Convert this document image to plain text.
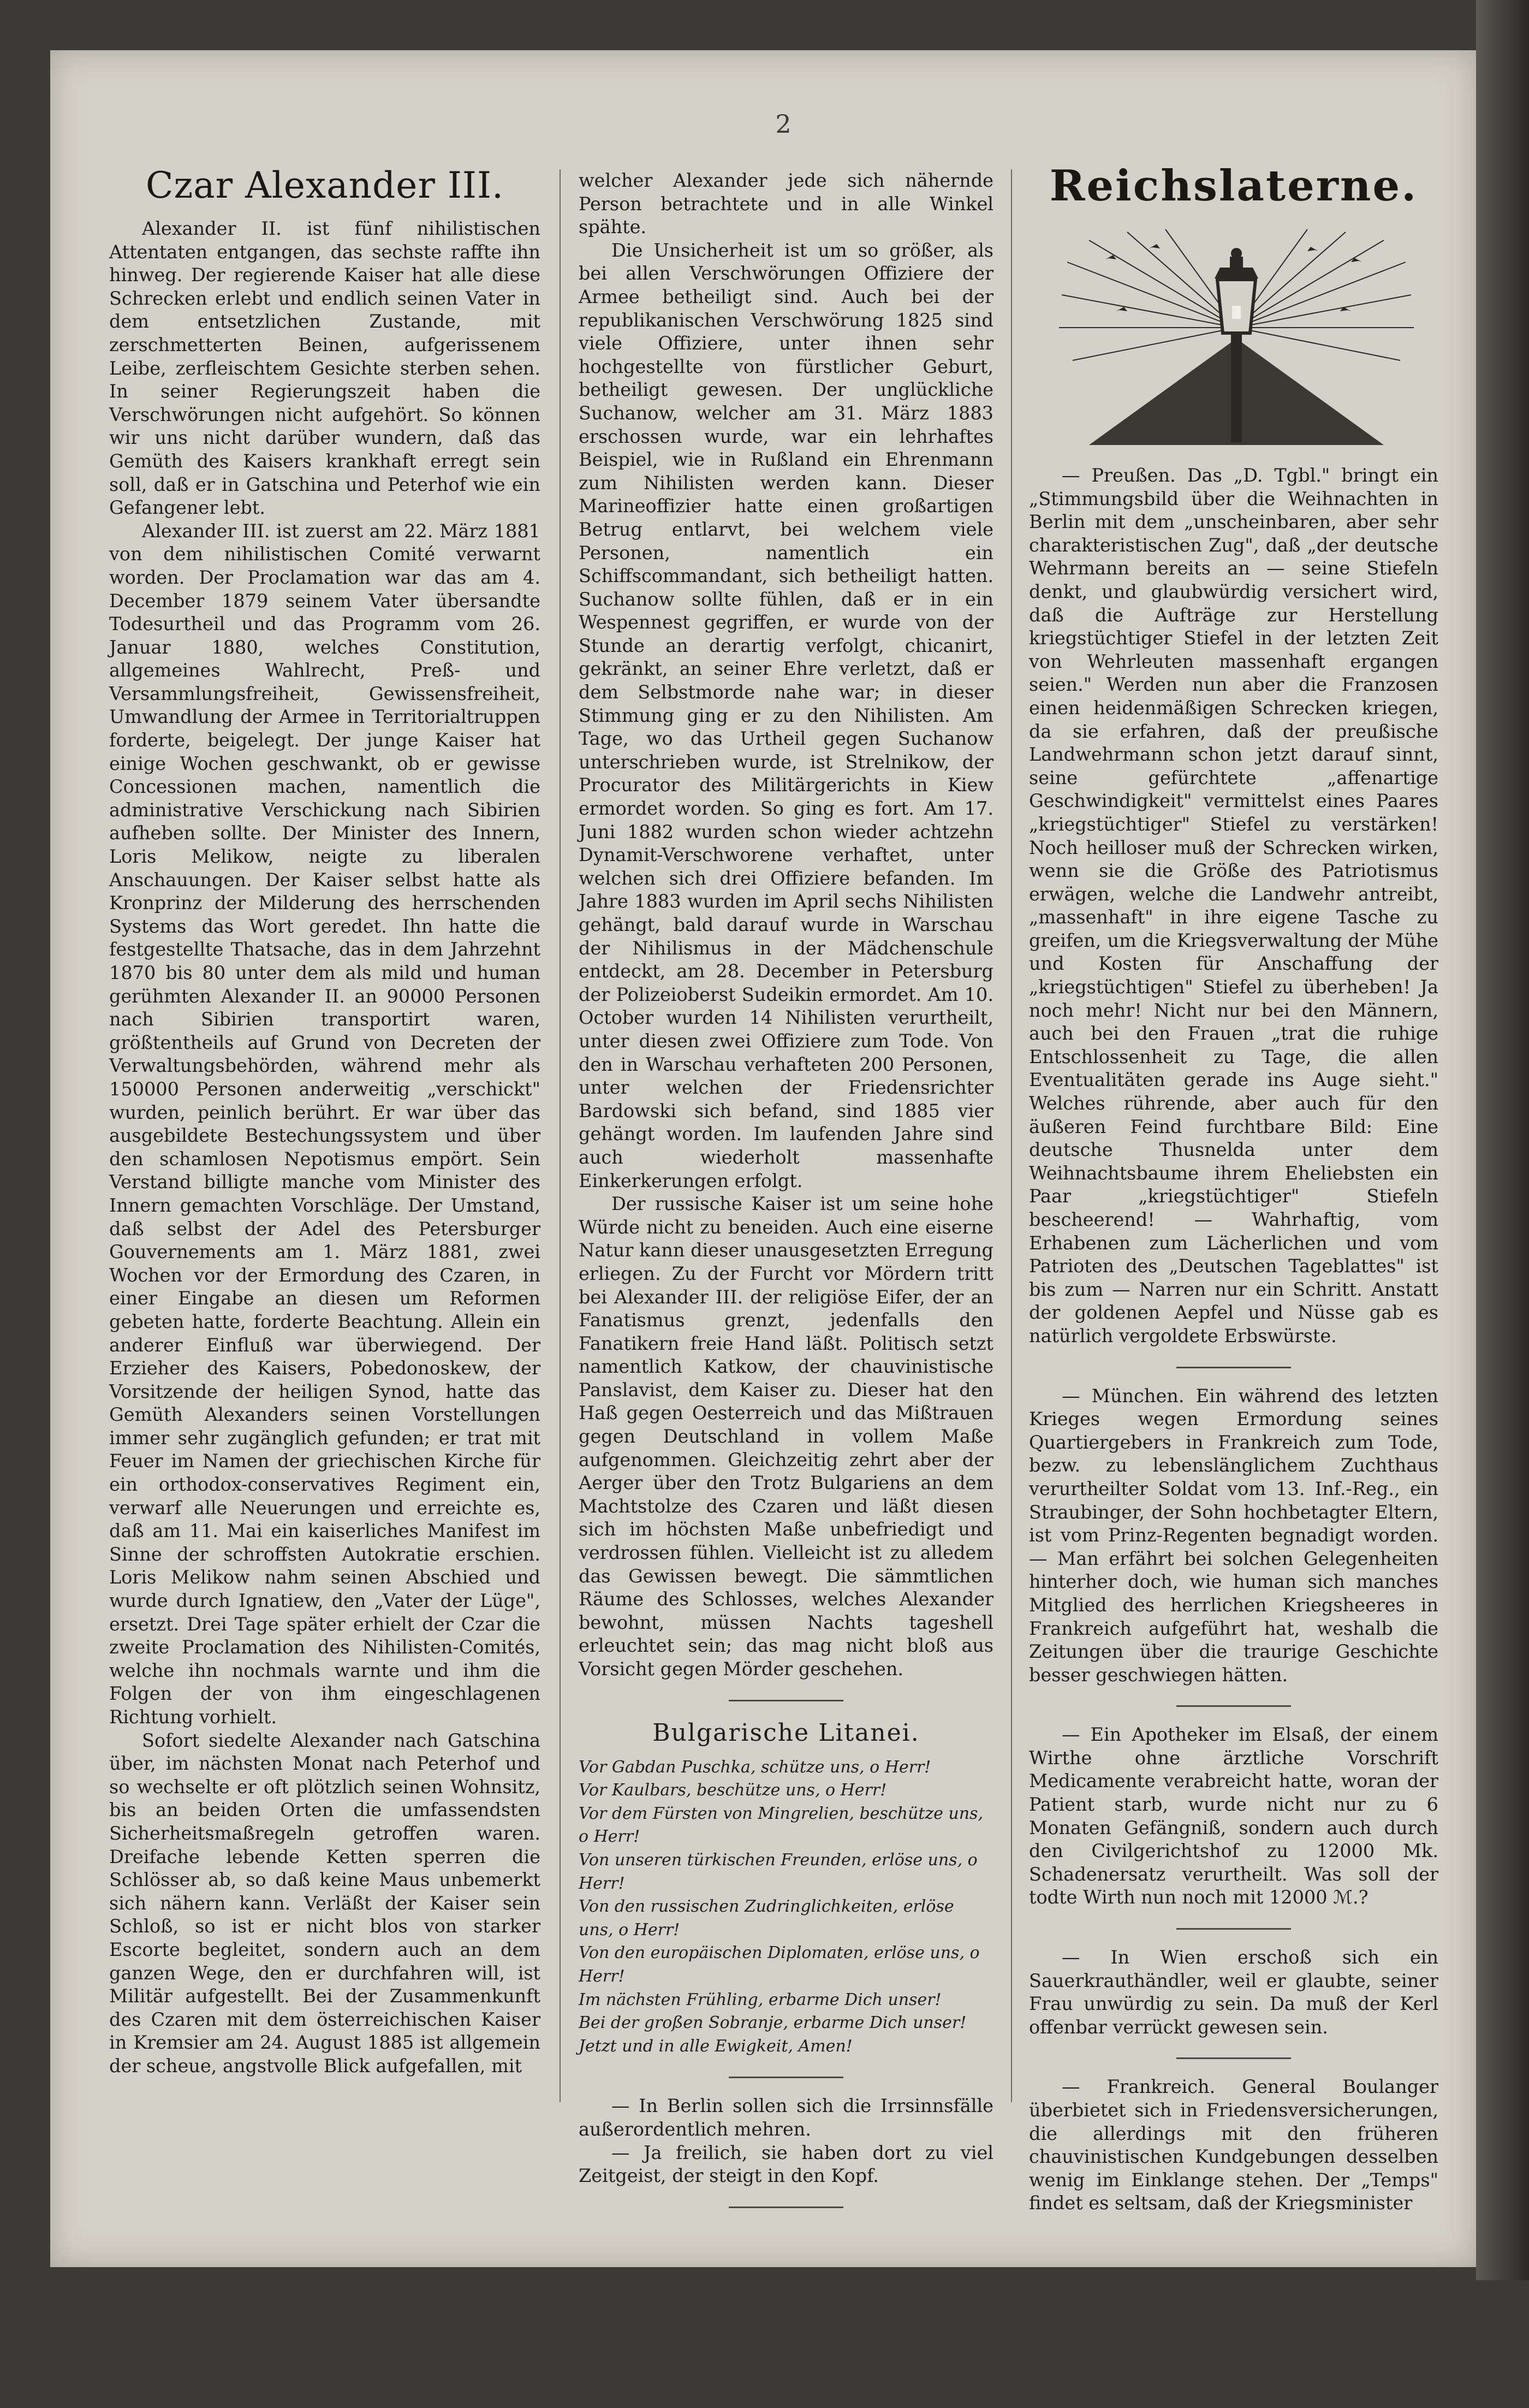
2
Czar Alexander III.

Alexander II. ist fünf nihilistischen Attentaten entgangen, das sechste raffte ihn hinweg. Der regierende Kaiser hat alle diese Schrecken erlebt und endlich seinen Vater in dem entsetzlichen Zustande, mit zerschmetterten Beinen, aufgerissenem Leibe, zerfleischtem Gesichte sterben sehen. In seiner Regierungszeit haben die Verschwörungen nicht aufgehört. So können wir uns nicht darüber wundern, daß das Gemüth des Kaisers krankhaft erregt sein soll, daß er in Gatschina und Peterhof wie ein Gefangener lebt.

Alexander III. ist zuerst am 22. März 1881 von dem nihilistischen Comité verwarnt worden. Der Proclamation war das am 4. December 1879 seinem Vater übersandte Todesurtheil und das Programm vom 26. Januar 1880, welches Constitution, allgemeines Wahlrecht, Preß- und Versammlungsfreiheit, Gewissensfreiheit, Umwandlung der Armee in Territorialtruppen forderte, beigelegt. Der junge Kaiser hat einige Wochen geschwankt, ob er gewisse Concessionen machen, namentlich die administrative Verschickung nach Sibirien aufheben sollte. Der Minister des Innern, Loris Melikow, neigte zu liberalen Anschauungen. Der Kaiser selbst hatte als Kronprinz der Milderung des herrschenden Systems das Wort geredet. Ihn hatte die festgestellte Thatsache, das in dem Jahrzehnt 1870 bis 80 unter dem als mild und human gerühmten Alexander II. an 90000 Personen nach Sibirien transportirt waren, größtentheils auf Grund von Decreten der Verwaltungsbehörden, während mehr als 150000 Personen anderweitig „verschickt" wurden, peinlich berührt. Er war über das ausgebildete Bestechungssystem und über den schamlosen Nepotismus empört. Sein Verstand billigte manche vom Minister des Innern gemachten Vorschläge. Der Umstand, daß selbst der Adel des Petersburger Gouvernements am 1. März 1881, zwei Wochen vor der Ermordung des Czaren, in einer Eingabe an diesen um Reformen gebeten hatte, forderte Beachtung. Allein ein anderer Einfluß war überwiegend. Der Erzieher des Kaisers, Pobedonoskew, der Vorsitzende der heiligen Synod, hatte das Gemüth Alexanders seinen Vorstellungen immer sehr zugänglich gefunden; er trat mit Feuer im Namen der griechischen Kirche für ein orthodox-conservatives Regiment ein, verwarf alle Neuerungen und erreichte es, daß am 11. Mai ein kaiserliches Manifest im Sinne der schroffsten Autokratie erschien. Loris Melikow nahm seinen Abschied und wurde durch Ignatiew, den „Vater der Lüge", ersetzt. Drei Tage später erhielt der Czar die zweite Proclamation des Nihilisten-Comités, welche ihn nochmals warnte und ihm die Folgen der von ihm eingeschlagenen Richtung vorhielt.

Sofort siedelte Alexander nach Gatschina über, im nächsten Monat nach Peterhof und so wechselte er oft plötzlich seinen Wohnsitz, bis an beiden Orten die umfassendsten Sicherheitsmaßregeln getroffen waren. Dreifache lebende Ketten sperren die Schlösser ab, so daß keine Maus unbemerkt sich nähern kann. Verläßt der Kaiser sein Schloß, so ist er nicht blos von starker Escorte begleitet, sondern auch an dem ganzen Wege, den er durchfahren will, ist Militär aufgestellt. Bei der Zusammenkunft des Czaren mit dem österreichischen Kaiser in Kremsier am 24. August 1885 ist allgemein der scheue, angstvolle Blick aufgefallen, mit

welcher Alexander jede sich nähernde Person betrachtete und in alle Winkel spähte.

Die Unsicherheit ist um so größer, als bei allen Verschwörungen Offiziere der Armee betheiligt sind. Auch bei der republikanischen Verschwörung 1825 sind viele Offiziere, unter ihnen sehr hochgestellte von fürstlicher Geburt, betheiligt gewesen. Der unglückliche Suchanow, welcher am 31. März 1883 erschossen wurde, war ein lehrhaftes Beispiel, wie in Rußland ein Ehrenmann zum Nihilisten werden kann. Dieser Marineoffizier hatte einen großartigen Betrug entlarvt, bei welchem viele Personen, namentlich ein Schiffscommandant, sich betheiligt hatten. Suchanow sollte fühlen, daß er in ein Wespennest gegriffen, er wurde von der Stunde an derartig verfolgt, chicanirt, gekränkt, an seiner Ehre verletzt, daß er dem Selbstmorde nahe war; in dieser Stimmung ging er zu den Nihilisten. Am Tage, wo das Urtheil gegen Suchanow unterschrieben wurde, ist Strelnikow, der Procurator des Militärgerichts in Kiew ermordet worden. So ging es fort. Am 17. Juni 1882 wurden schon wieder achtzehn Dynamit-Verschworene verhaftet, unter welchen sich drei Offiziere befanden. Im Jahre 1883 wurden im April sechs Nihilisten gehängt, bald darauf wurde in Warschau der Nihilismus in der Mädchenschule entdeckt, am 28. December in Petersburg der Polizeioberst Sudeikin ermordet. Am 10. October wurden 14 Nihilisten verurtheilt, unter diesen zwei Offiziere zum Tode. Von den in Warschau verhafteten 200 Personen, unter welchen der Friedensrichter Bardowski sich befand, sind 1885 vier gehängt worden. Im laufenden Jahre sind auch wiederholt massenhafte Einkerkerungen erfolgt.

Der russische Kaiser ist um seine hohe Würde nicht zu beneiden. Auch eine eiserne Natur kann dieser unausgesetzten Erregung erliegen. Zu der Furcht vor Mördern tritt bei Alexander III. der religiöse Eifer, der an Fanatismus grenzt, jedenfalls den Fanatikern freie Hand läßt. Politisch setzt namentlich Katkow, der chauvinistische Panslavist, dem Kaiser zu. Dieser hat den Haß gegen Oesterreich und das Mißtrauen gegen Deutschland in vollem Maße aufgenommen. Gleichzeitig zehrt aber der Aerger über den Trotz Bulgariens an dem Machtstolze des Czaren und läßt diesen sich im höchsten Maße unbefriedigt und verdrossen fühlen. Vielleicht ist zu alledem das Gewissen bewegt. Die sämmtlichen Räume des Schlosses, welches Alexander bewohnt, müssen Nachts tageshell erleuchtet sein; das mag nicht bloß aus Vorsicht gegen Mörder geschehen.

Bulgarische Litanei.

Vor Gabdan Puschka, schütze uns, o Herr!

Vor Kaulbars, beschütze uns, o Herr!

Vor dem Fürsten von Mingrelien, beschütze uns, o Herr!

Von unseren türkischen Freunden, erlöse uns, o Herr!

Von den russischen Zudringlichkeiten, erlöse uns, o Herr!

Von den europäischen Diplomaten, erlöse uns, o Herr!

Im nächsten Frühling, erbarme Dich unser!

Bei der großen Sobranje, erbarme Dich unser!

Jetzt und in alle Ewigkeit, Amen!

— In Berlin sollen sich die Irrsinnsfälle außerordentlich mehren.

— Ja freilich, sie haben dort zu viel Zeitgeist, der steigt in den Kopf.

Reichslaterne.

— Preußen. Das „D. Tgbl." bringt ein „Stimmungsbild über die Weihnachten in Berlin mit dem „unscheinbaren, aber sehr charakteristischen Zug", daß „der deutsche Wehrmann bereits an — seine Stiefeln denkt, und glaubwürdig versichert wird, daß die Aufträge zur Herstellung kriegstüchtiger Stiefel in der letzten Zeit von Wehrleuten massenhaft ergangen seien." Werden nun aber die Franzosen einen heidenmäßigen Schrecken kriegen, da sie erfahren, daß der preußische Landwehrmann schon jetzt darauf sinnt, seine gefürchtete „affenartige Geschwindigkeit" vermittelst eines Paares „kriegstüchtiger" Stiefel zu verstärken! Noch heilloser muß der Schrecken wirken, wenn sie die Größe des Patriotismus erwägen, welche die Landwehr antreibt, „massenhaft" in ihre eigene Tasche zu greifen, um die Kriegsverwaltung der Mühe und Kosten für Anschaffung der „kriegstüchtigen" Stiefel zu überheben! Ja noch mehr! Nicht nur bei den Männern, auch bei den Frauen „trat die ruhige Entschlossenheit zu Tage, die allen Eventualitäten gerade ins Auge sieht." Welches rührende, aber auch für den äußeren Feind furchtbare Bild: Eine deutsche Thusnelda unter dem Weihnachtsbaume ihrem Eheliebsten ein Paar „kriegstüchtiger" Stiefeln bescheerend! — Wahrhaftig, vom Erhabenen zum Lächerlichen und vom Patrioten des „Deutschen Tageblattes" ist bis zum — Narren nur ein Schritt. Anstatt der goldenen Aepfel und Nüsse gab es natürlich vergoldete Erbswürste.

— München. Ein während des letzten Krieges wegen Ermordung seines Quartiergebers in Frankreich zum Tode, bezw. zu lebenslänglichem Zuchthaus verurtheilter Soldat vom 13. Inf.-Reg., ein Straubinger, der Sohn hochbetagter Eltern, ist vom Prinz-Regenten begnadigt worden. — Man erfährt bei solchen Gelegenheiten hinterher doch, wie human sich manches Mitglied des herrlichen Kriegsheeres in Frankreich aufgeführt hat, weshalb die Zeitungen über die traurige Geschichte besser geschwiegen hätten.

— Ein Apotheker im Elsaß, der einem Wirthe ohne ärztliche Vorschrift Medicamente verabreicht hatte, woran der Patient starb, wurde nicht nur zu 6 Monaten Gefängniß, sondern auch durch den Civilgerichtshof zu 12000 Mk. Schadenersatz verurtheilt. Was soll der todte Wirth nun noch mit 12000 ℳ.?

— In Wien erschoß sich ein Sauerkrauthändler, weil er glaubte, seiner Frau unwürdig zu sein. Da muß der Kerl offenbar verrückt gewesen sein.

— Frankreich. General Boulanger überbietet sich in Friedensversicherungen, die allerdings mit den früheren chauvinistischen Kundgebungen desselben wenig im Einklange stehen. Der „Temps" findet es seltsam, daß der Kriegsminister
